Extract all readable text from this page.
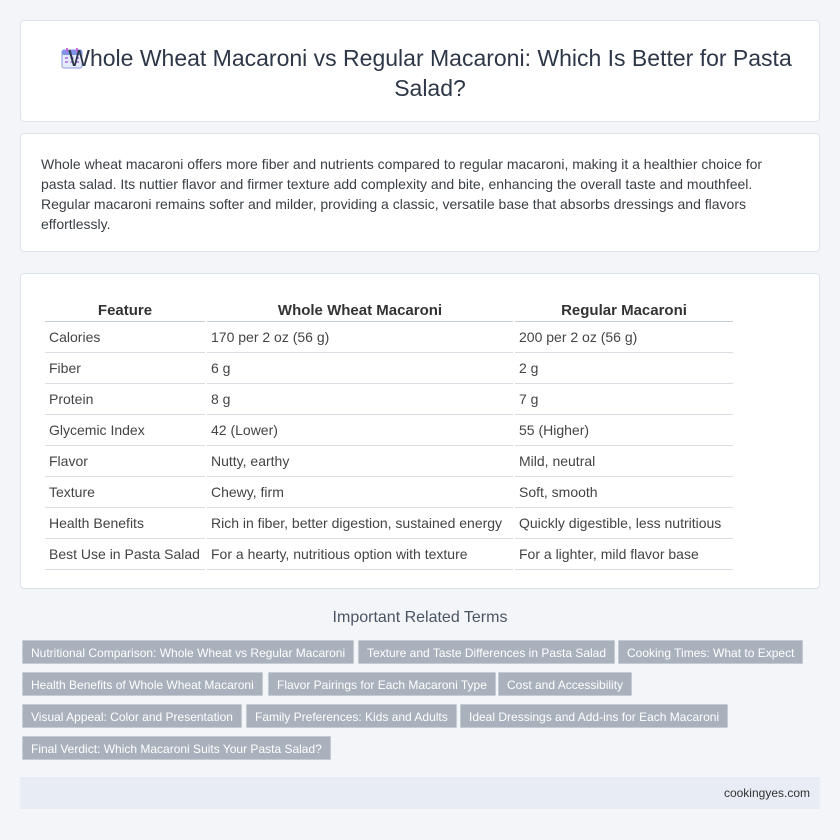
Whole Wheat Macaroni vs Regular Macaroni: Which Is Better for Pasta Salad?

Whole wheat macaroni offers more fiber and nutrients compared to regular macaroni, making it a healthier choice for pasta salad. Its nuttier flavor and firmer texture add complexity and bite, enhancing the overall taste and mouthfeel. Regular macaroni remains softer and milder, providing a classic, versatile base that absorbs dressings and flavors effortlessly.

Feature	Whole Wheat Macaroni	Regular Macaroni
Calories	170 per 2 oz (56 g)	200 per 2 oz (56 g)
Fiber	6 g	2 g
Protein	8 g	7 g
Glycemic Index	42 (Lower)	55 (Higher)
Flavor	Nutty, earthy	Mild, neutral
Texture	Chewy, firm	Soft, smooth
Health Benefits	Rich in fiber, better digestion, sustained energy	Quickly digestible, less nutritious
Best Use in Pasta Salad	For a hearty, nutritious option with texture	For a lighter, mild flavor base
Important Related Terms
Nutritional Comparison: Whole Wheat vs Regular Macaroni	Texture and Taste Differences in Pasta Salad	Cooking Times: What to Expect
Health Benefits of Whole Wheat Macaroni	Flavor Pairings for Each Macaroni Type	Cost and Accessibility
Visual Appeal: Color and Presentation	Family Preferences: Kids and Adults	Ideal Dressings and Add-ins for Each Macaroni
Final Verdict: Which Macaroni Suits Your Pasta Salad?
cookingyes.com
